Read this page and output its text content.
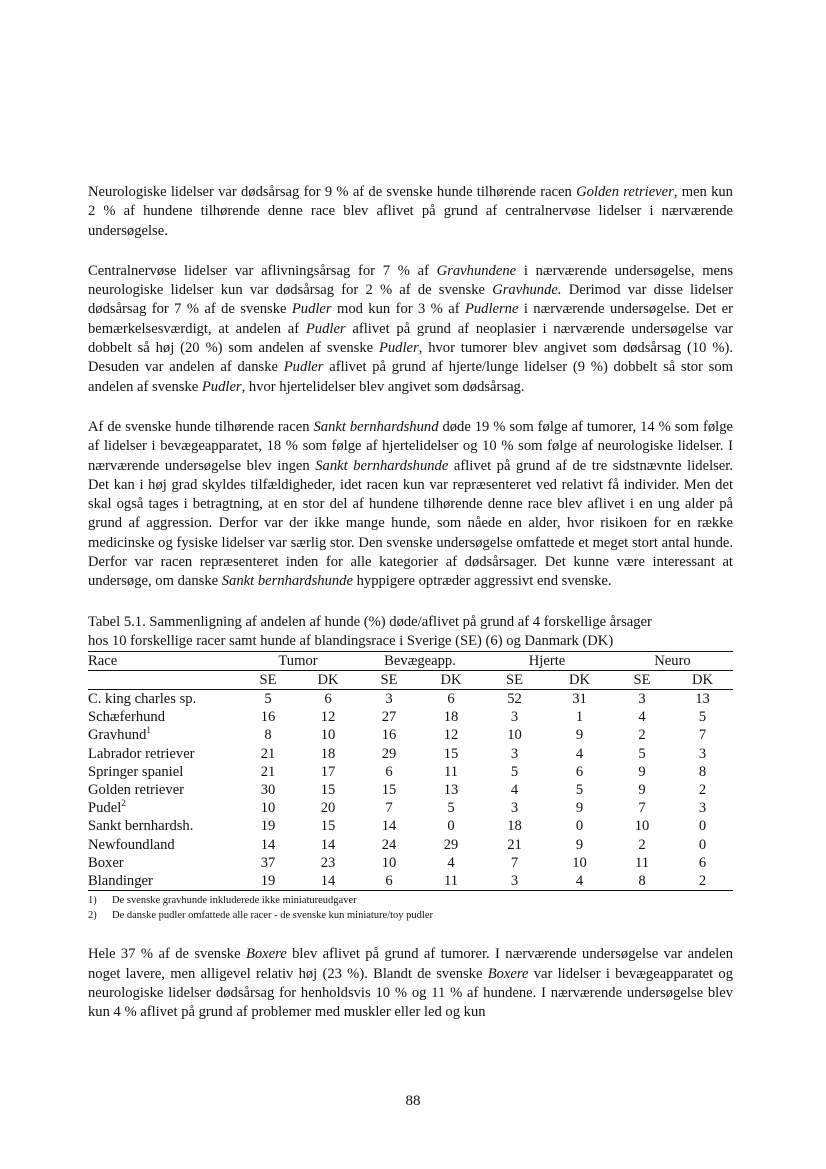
Neurologiske lidelser var dødsårsag for 9 % af de svenske hunde tilhørende racen Golden retriever, men kun 2 % af hundene tilhørende denne race blev aflivet på grund af centralnervøse lidelser i nærværende undersøgelse.

Centralnervøse lidelser var aflivningsårsag for 7 % af Gravhundene i nærværende undersøgelse, mens neurologiske lidelser kun var dødsårsag for 2 % af de svenske Gravhunde. Derimod var disse lidelser dødsårsag for 7 % af de svenske Pudler mod kun for 3 % af Pudlerne i nærværende undersøgelse. Det er bemærkelsesværdigt, at andelen af Pudler aflivet på grund af neoplasier i nærværende undersøgelse var dobbelt så høj (20 %) som andelen af svenske Pudler, hvor tumorer blev angivet som dødsårsag (10 %). Desuden var andelen af danske Pudler aflivet på grund af hjerte/lunge lidelser (9 %) dobbelt så stor som andelen af svenske Pudler, hvor hjertelidelser blev angivet som dødsårsag.

Af de svenske hunde tilhørende racen Sankt bernhardshund døde 19 % som følge af tumorer, 14 % som følge af lidelser i bevægeapparatet, 18 % som følge af hjertelidelser og 10 % som følge af neurologiske lidelser. I nærværende undersøgelse blev ingen Sankt bernhardshunde aflivet på grund af de tre sidstnævnte lidelser. Det kan i høj grad skyldes tilfældigheder, idet racen kun var repræsenteret ved relativt få individer. Men det skal også tages i betragtning, at en stor del af hundene tilhørende denne race blev aflivet i en ung alder på grund af aggression. Derfor var der ikke mange hunde, som nåede en alder, hvor risikoen for en række medicinske og fysiske lidelser var særlig stor. Den svenske undersøgelse omfattede et meget stort antal hunde. Derfor var racen repræsenteret inden for alle kategorier af dødsårsager. Det kunne være interessant at undersøge, om danske Sankt bernhardshunde hyppigere optræder aggressivt end svenske.

Tabel 5.1. Sammenligning af andelen af hunde (%) døde/aflivet på grund af 4 forskellige årsager
hos 10 forskellige racer samt hunde af blandingsrace i Sverige (SE) (6) og Danmark (DK)
Race	Tumor		Bevægeapp.		Hjerte		Neuro	
	SE	DK	SE	DK	SE	DK	SE	DK
C. king charles sp.	5	6	3	6	52	31	3	13
Schæferhund	16	12	27	18	3	1	4	5
Gravhund$^1$	8	10	16	12	10	9	2	7
Labrador retriever	21	18	29	15	3	4	5	3
Springer spaniel	21	17	6	11	5	6	9	8
Golden retriever	30	15	15	13	4	5	9	2
Pudel$^2$	10	20	7	5	3	9	7	3
Sankt bernhardsh.	19	15	14	0	18	0	10	0
Newfoundland	14	14	24	29	21	9	2	0
Boxer	37	23	10	4	7	10	11	6
Blandinger	19	14	6	11	3	4	8	2
1) De svenske gravhunde inkluderede ikke miniatureudgaver
2) De danske pudler omfattede alle racer - de svenske kun miniature/toy pudler

Hele 37 % af de svenske Boxere blev aflivet på grund af tumorer. I nærværende undersøgelse var andelen noget lavere, men alligevel relativ høj (23 %). Blandt de svenske Boxere var lidelser i bevægeapparatet og neurologiske lidelser dødsårsag for henholdsvis 10 % og 11 % af hundene. I nærværende undersøgelse blev kun 4 % aflivet på grund af problemer med muskler eller led og kun

88
